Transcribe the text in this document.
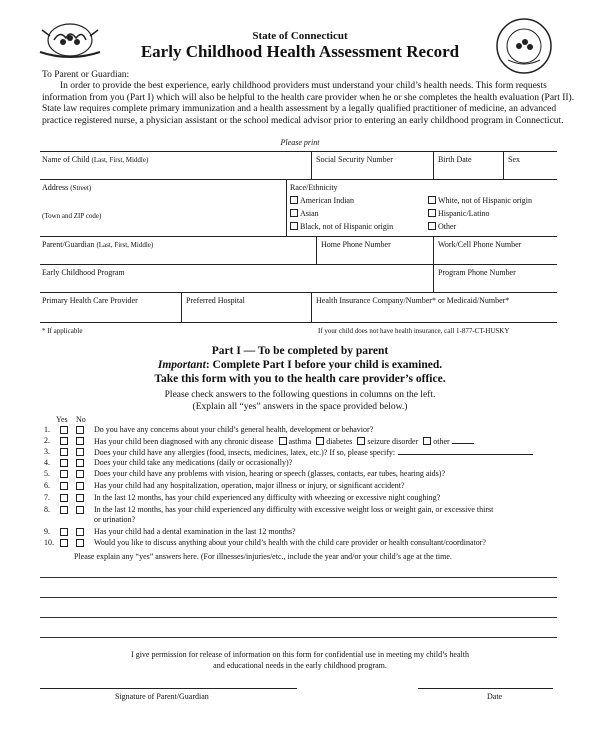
State of Connecticut
Early Childhood Health Assessment Record
To Parent or Guardian:
In order to provide the best experience, early childhood providers must understand your child’s health needs. This form requests
information from you (Part I) which will also be helpful to the health care provider when he or she completes the health evaluation (Part II).
State law requires complete primary immunization and a health assessment by a legally qualified practitioner of medicine, an advanced
practice registered nurse, a physician assistant or the school medical advisor prior to entering an early childhood program in Connecticut.
Please print
Name of Child (Last, First, Middle)	Social Security Number	Birth Date	Sex
Address (Street)
(Town and ZIP code)
Race/Ethnicity
American Indian	White, not of Hispanic origin
Asian	Hispanic/Latino
Black, not of Hispanic origin	Other
Parent/Guardian (Last, First, Middle)	Home Phone Number	Work/Cell Phone Number
Early Childhood Program	Program Phone Number
Primary Health Care Provider	Preferred Hospital	Health Insurance Company/Number* or Medicaid/Number*
* If applicable	If your child does not have health insurance, call 1-877-CT-HUSKY
Part I — To be completed by parent
Important: Complete Part I before your child is examined.
Take this form with you to the health care provider’s office.
Please check answers to the following questions in columns on the left.
(Explain all “yes” answers in the space provided below.)
Yes No
1.	Do you have any concerns about your child’s general health, development or behavior?
2.	Has your child been diagnosed with any chronic disease asthma diabetes seizure disorder other
3.	Does your child have any allergies (food, insects, medicines, latex, etc.)? If so, please specify:
4.	Does your child take any medications (daily or occasionally)?
5.	Does your child have any problems with vision, hearing or speech (glasses, contacts, ear tubes, hearing aids)?
6.	Has your child had any hospitalization, operation, major illness or injury, or significant accident?
7.	In the last 12 months, has your child experienced any difficulty with wheezing or excessive night coughing?
8.	In the last 12 months, has your child experienced any difficulty with excessive weight loss or weight gain, or excessive thirst
or urination?
9.	Has your child had a dental examination in the last 12 months?
10.	Would you like to discuss anything about your child’s health with the child care provider or health consultant/coordinator?
Please explain any “yes” answers here. (For illnesses/injuries/etc., include the year and/or your child’s age at the time.
I give permission for release of information on this form for confidential use in meeting my child’s health
and educational needs in the early childhood program.
Signature of Parent/Guardian	Date
